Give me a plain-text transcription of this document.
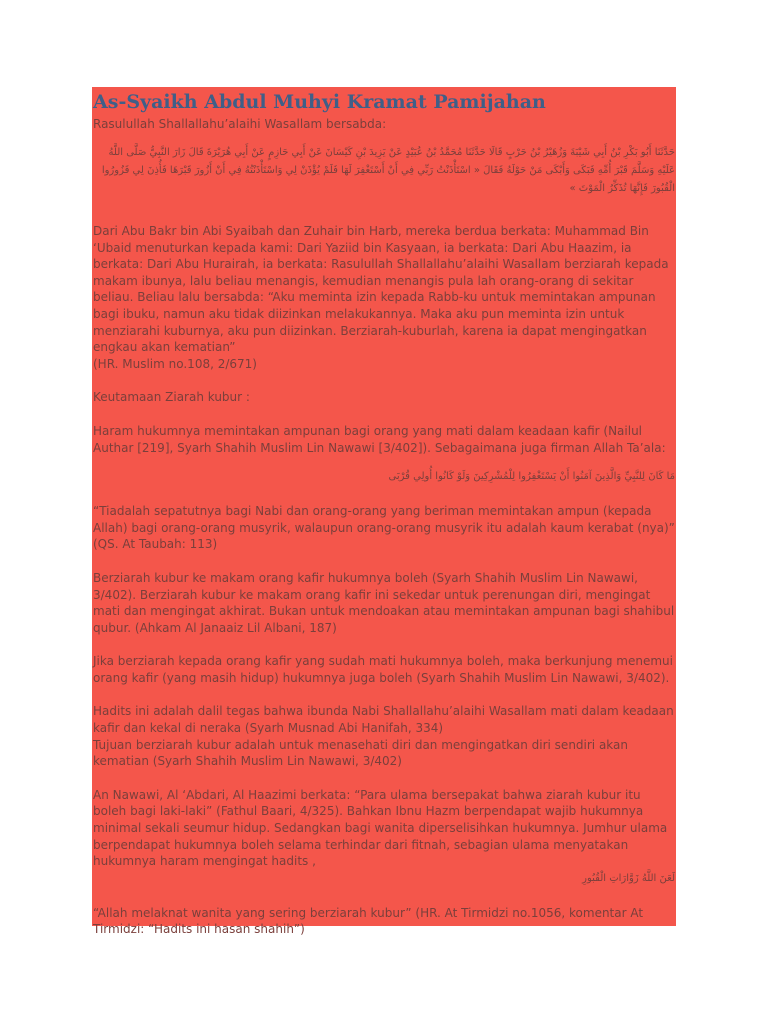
As-Syaikh Abdul Muhyi Kramat Pamijahan

Rasulullah Shallallahu’alaihi Wasallam bersabda:

حَدَّثَنَا أَبُو بَكْرِ بْنُ أَبِي شَيْبَةَ وَزُهَيْرُ بْنُ حَرْبٍ قَالَا حَدَّثَنَا مُحَمَّدُ بْنُ عُبَيْدٍ عَنْ يَزِيدَ بْنِ كَيْسَانَ عَنْ أَبِي حَازِمٍ عَنْ أَبِي هُرَيْرَةَ قَالَ زَارَ النَّبِيُّ صَلَّى اللَّهُ عَلَيْهِ وَسَلَّمَ قَبْرَ أُمِّهِ فَبَكَى وَأَبْكَى مَنْ حَوْلَهُ فَقَالَ « اسْتَأْذَنْتُ رَبِّي فِي أَنْ أَسْتَغْفِرَ لَهَا فَلَمْ يُؤْذَنْ لِي وَاسْتَأْذَنْتُهُ فِي أَنْ أَزُورَ قَبْرَهَا فَأُذِنَ لِي فَزُورُوا الْقُبُورَ فَإِنَّهَا تُذَكِّرُ الْمَوْتَ »

Dari Abu Bakr bin Abi Syaibah dan Zuhair bin Harb, mereka berdua berkata: Muhammad Bin ‘Ubaid menuturkan kepada kami: Dari Yaziid bin Kasyaan, ia berkata: Dari Abu Haazim, ia berkata: Dari Abu Hurairah, ia berkata: Rasulullah Shallallahu’alaihi Wasallam berziarah kepada makam ibunya, lalu beliau menangis, kemudian menangis pula lah orang-orang di sekitar beliau. Beliau lalu bersabda: “Aku meminta izin kepada Rabb-ku untuk memintakan ampunan bagi ibuku, namun aku tidak diizinkan melakukannya. Maka aku pun meminta izin untuk menziarahi kuburnya, aku pun diizinkan. Berziarah-kuburlah, karena ia dapat mengingatkan engkau akan kematian”

(HR. Muslim no.108, 2/671)

Keutamaan Ziarah kubur :

Haram hukumnya memintakan ampunan bagi orang yang mati dalam keadaan kafir (Nailul Authar [219], Syarh Shahih Muslim Lin Nawawi [3/402]). Sebagaimana juga firman Allah Ta’ala:

مَا كَانَ لِلنَّبِيِّ وَالَّذِينَ آمَنُوا أَنْ يَسْتَغْفِرُوا لِلْمُشْرِكِينَ وَلَوْ كَانُوا أُولِي قُرْبَى

“Tiadalah sepatutnya bagi Nabi dan orang-orang yang beriman memintakan ampun (kepada Allah) bagi orang-orang musyrik, walaupun orang-orang musyrik itu adalah kaum kerabat (nya)” (QS. At Taubah: 113)

Berziarah kubur ke makam orang kafir hukumnya boleh (Syarh Shahih Muslim Lin Nawawi, 3/402). Berziarah kubur ke makam orang kafir ini sekedar untuk perenungan diri, mengingat mati dan mengingat akhirat. Bukan untuk mendoakan atau memintakan ampunan bagi shahibul qubur. (Ahkam Al Janaaiz Lil Albani, 187)

Jika berziarah kepada orang kafir yang sudah mati hukumnya boleh, maka berkunjung menemui orang kafir (yang masih hidup) hukumnya juga boleh (Syarh Shahih Muslim Lin Nawawi, 3/402).

Hadits ini adalah dalil tegas bahwa ibunda Nabi Shallallahu’alaihi Wasallam mati dalam keadaan kafir dan kekal di neraka (Syarh Musnad Abi Hanifah, 334)

Tujuan berziarah kubur adalah untuk menasehati diri dan mengingatkan diri sendiri akan kematian (Syarh Shahih Muslim Lin Nawawi, 3/402)

An Nawawi, Al ‘Abdari, Al Haazimi berkata: “Para ulama bersepakat bahwa ziarah kubur itu boleh bagi laki-laki” (Fathul Baari, 4/325). Bahkan Ibnu Hazm berpendapat wajib hukumnya minimal sekali seumur hidup. Sedangkan bagi wanita diperselisihkan hukumnya. Jumhur ulama berpendapat hukumnya boleh selama terhindar dari fitnah, sebagian ulama menyatakan hukumnya haram mengingat hadits ,

لَعَنَ اللَّهُ زَوَّارَاتِ الْقُبُورِ

“Allah melaknat wanita yang sering berziarah kubur” (HR. At Tirmidzi no.1056, komentar At Tirmidzi: “Hadits ini hasan shahih”)
